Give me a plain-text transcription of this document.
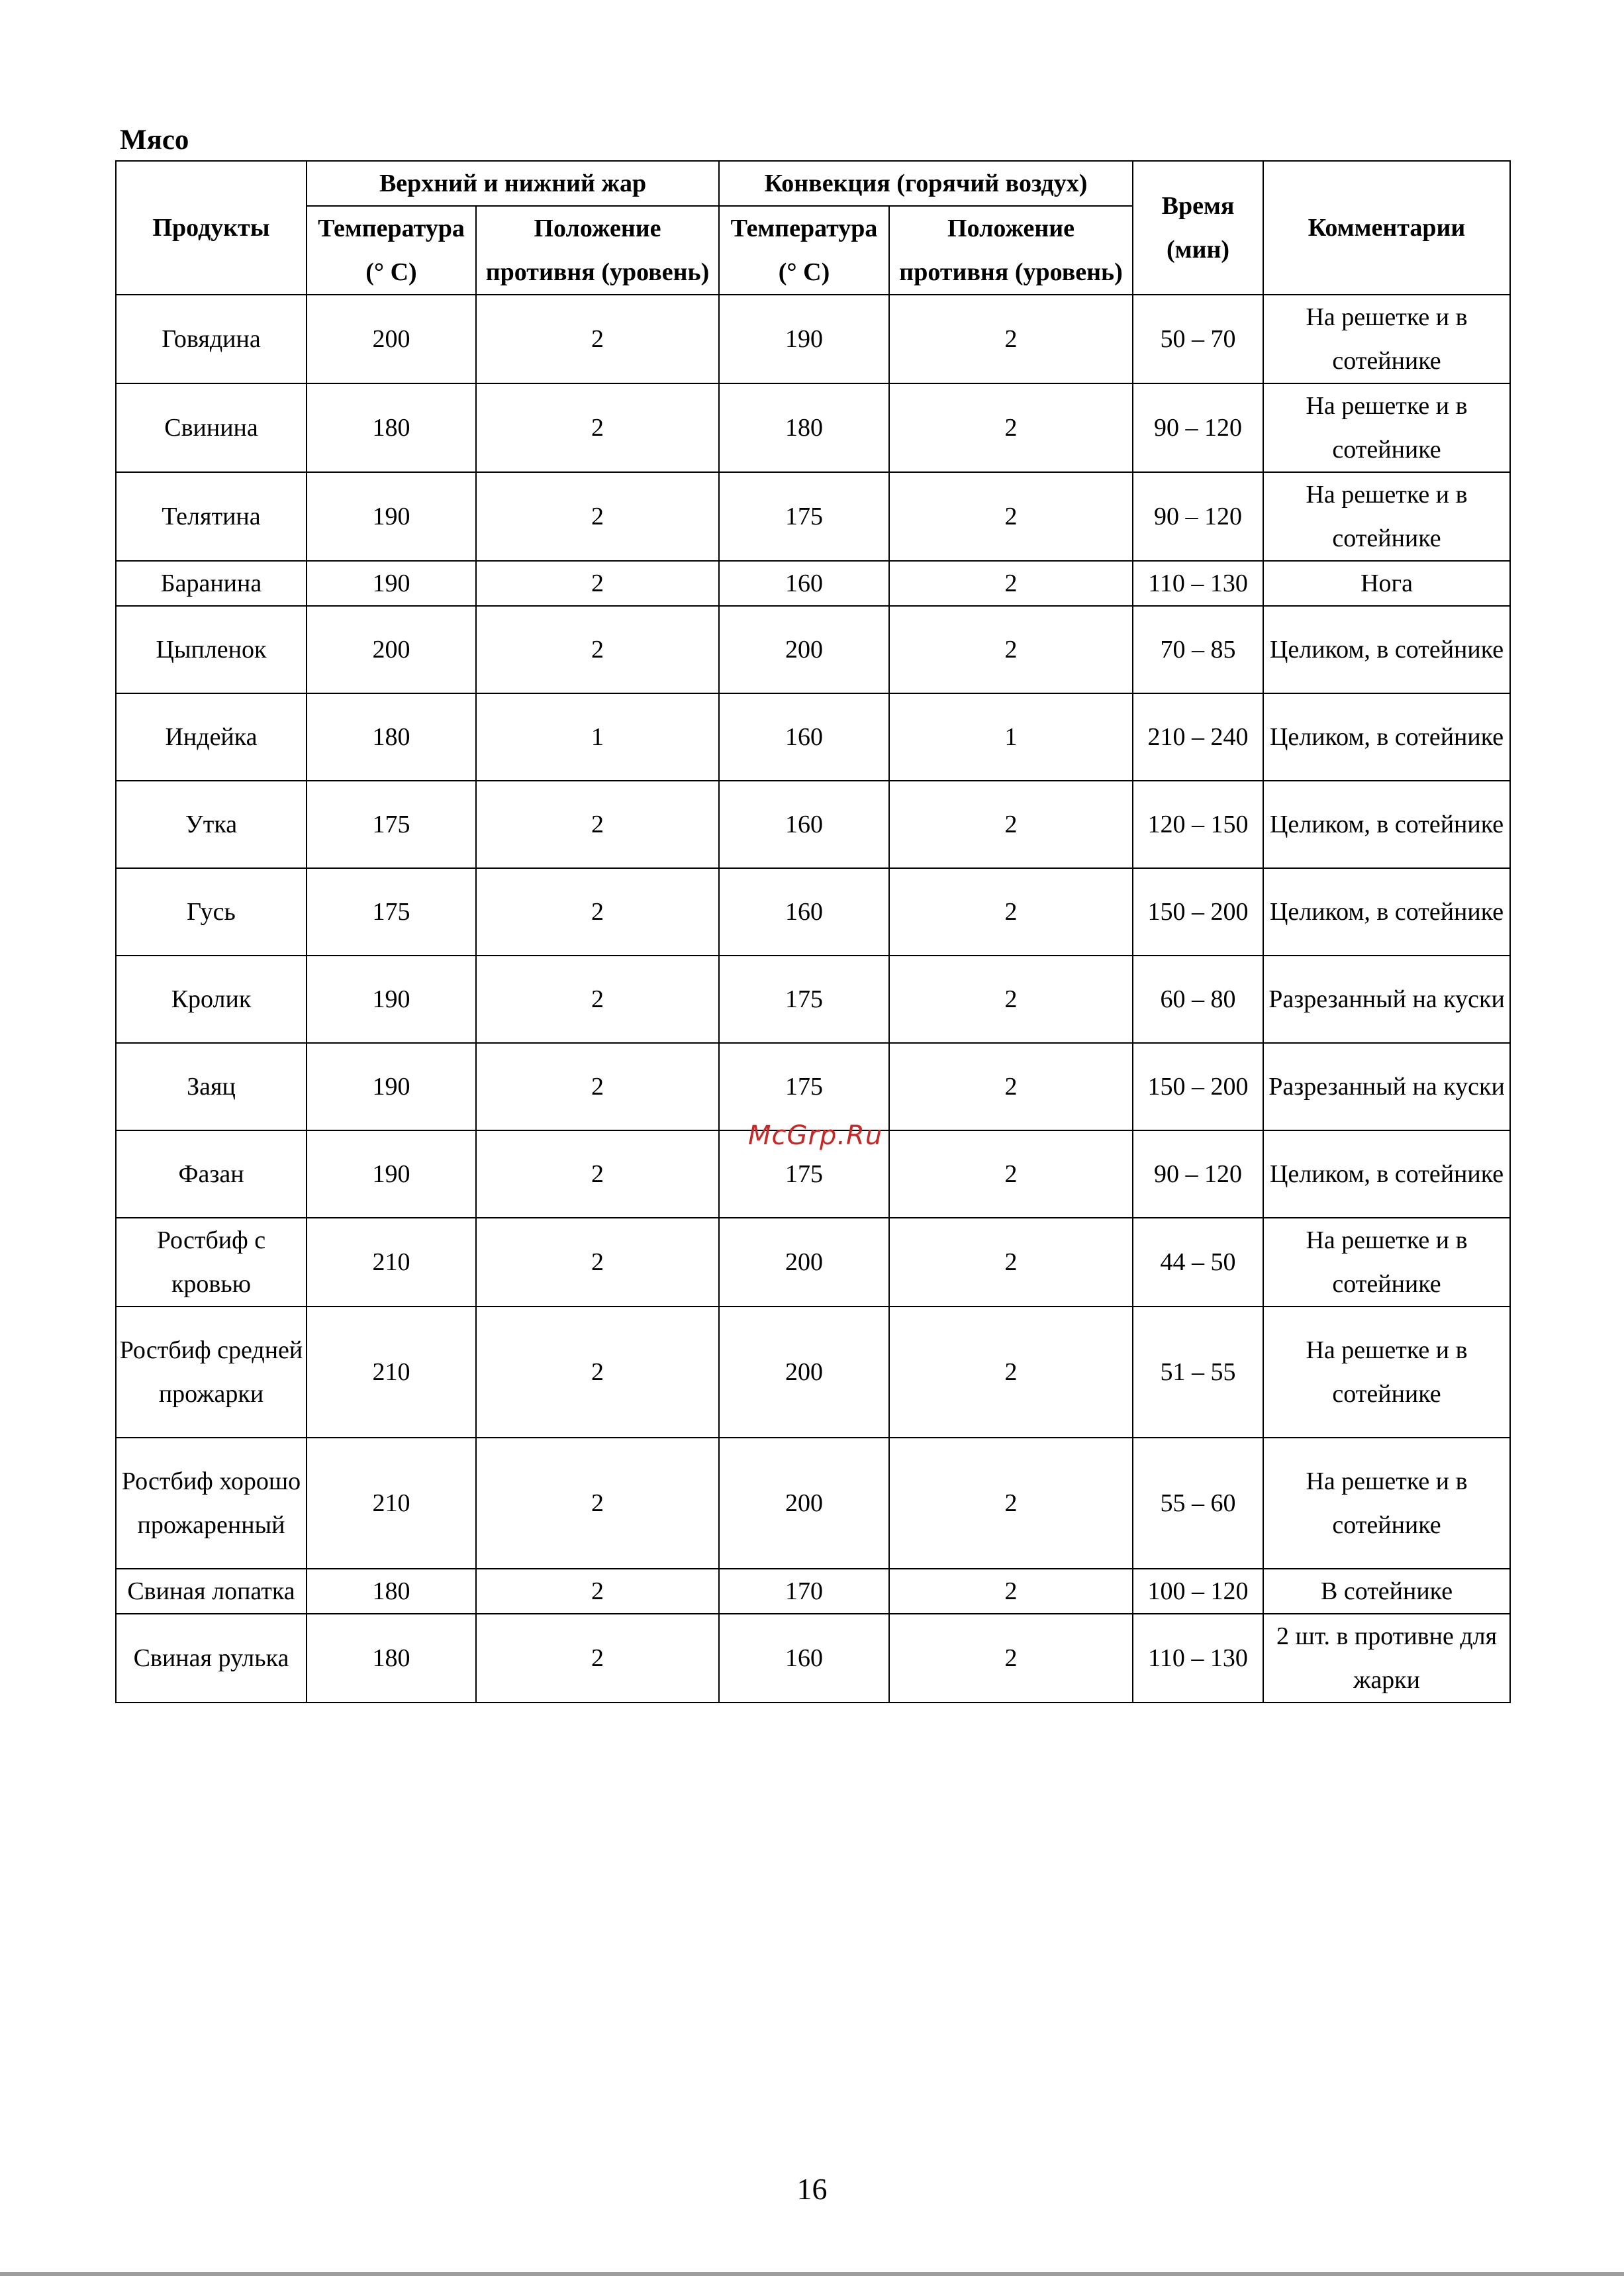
Мясо
Продукты	Верхний и нижний жар		Конвекция (горячий воздух)		Время (мин)	Комментарии
	Температура (° C)	Положение противня (уровень)	Температура (° C)	Положение противня (уровень)		
Говядина	200	2	190	2	50 – 70	На решетке и в сотейнике
Свинина	180	2	180	2	90 – 120	На решетке и в сотейнике
Телятина	190	2	175	2	90 – 120	На решетке и в сотейнике
Баранина	190	2	160	2	110 – 130	Нога
Цыпленок	200	2	200	2	70 – 85	Целиком, в сотейнике
Индейка	180	1	160	1	210 – 240	Целиком, в сотейнике
Утка	175	2	160	2	120 – 150	Целиком, в сотейнике
Гусь	175	2	160	2	150 – 200	Целиком, в сотейнике
Кролик	190	2	175	2	60 – 80	Разрезанный на куски
Заяц	190	2	175	2	150 – 200	Разрезанный на куски
Фазан	190	2	175	2	90 – 120	Целиком, в сотейнике
Ростбиф с кровью	210	2	200	2	44 – 50	На решетке и в сотейнике
Ростбиф средней прожарки	210	2	200	2	51 – 55	На решетке и в сотейнике
Ростбиф хорошо прожаренный	210	2	200	2	55 – 60	На решетке и в сотейнике
Свиная лопатка	180	2	170	2	100 – 120	В сотейнике
Свиная рулька	180	2	160	2	110 – 130	2 шт. в противне для жарки
McGrp.Ru
16
